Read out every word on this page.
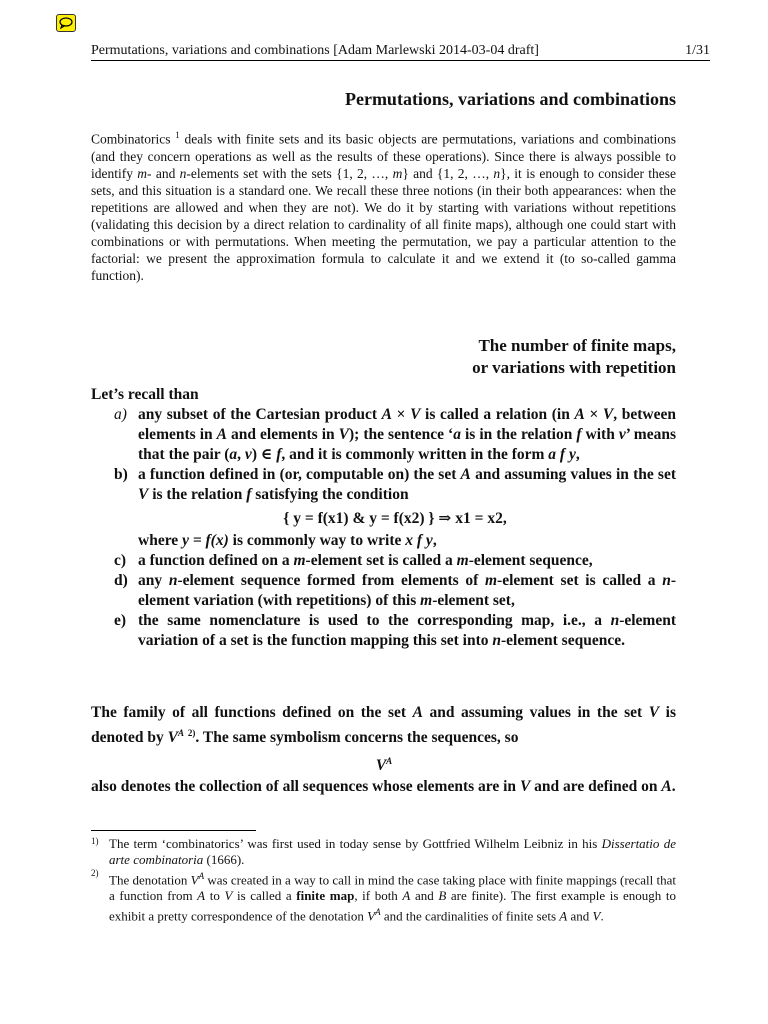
Permutations, variations and combinations [Adam Marlewski 2014-03-04 draft]	1/31
Permutations, variations and combinations

Combinatorics $^1$ deals with finite sets and its basic objects are permutations, variations and combinations (and they concern operations as well as the results of these operations). Since there is always possible to identify m- and n-elements set with the sets {1, 2, …, m} and {1, 2, …, n}, it is enough to consider these sets, and this situation is a standard one. We recall these three notions (in their both appearances: when the repetitions are allowed and when they are not). We do it by starting with variations without repetitions (validating this decision by a direct relation to cardinality of all finite maps), although one could start with combinations or with permutations. When meeting the permutation, we pay a particular attention to the factorial: we present the approximation formula to calculate it and we extend it (to so-called gamma function).

The number of finite maps,
or variations with repetition
Let’s recall than
a) any subset of the Cartesian product A × V is called a relation (in A × V, between elements in A and elements in V); the sentence ‘a is in the relation f with v’ means that the pair (a, v) ∈ f, and it is commonly written in the form a f y,
b) a function defined in (or, computable on) the set A and assuming values in the set V is the relation f satisfying the condition
{ y = f(x1) & y = f(x2) } ⇒ x1 = x2,
where y = f(x) is commonly way to write x f y,
c) a function defined on a m-element set is called a m-element sequence,
d) any n-element sequence formed from elements of m-element set is called a n-element variation (with repetitions) of this m-element set,
e) the same nomenclature is used to the corresponding map, i.e., a n-element variation of a set is the function mapping this set into n-element sequence.

The family of all functions defined on the set A and assuming values in the set V is denoted by $V^A$ $^{2)}$. The same symbolism concerns the sequences, so

$V^A$

also denotes the collection of all sequences whose elements are in V and are defined on A.

1) The term ‘combinatorics’ was first used in today sense by Gottfried Wilhelm Leibniz in his Dissertatio de arte combinatoria (1666).
2) The denotation $V^A$ was created in a way to call in mind the case taking place with finite mappings (recall that a function from A to V is called a finite map, if both A and B are finite). The first example is enough to exhibit a pretty correspondence of the denotation $V^A$ and the cardinalities of finite sets A and V.
